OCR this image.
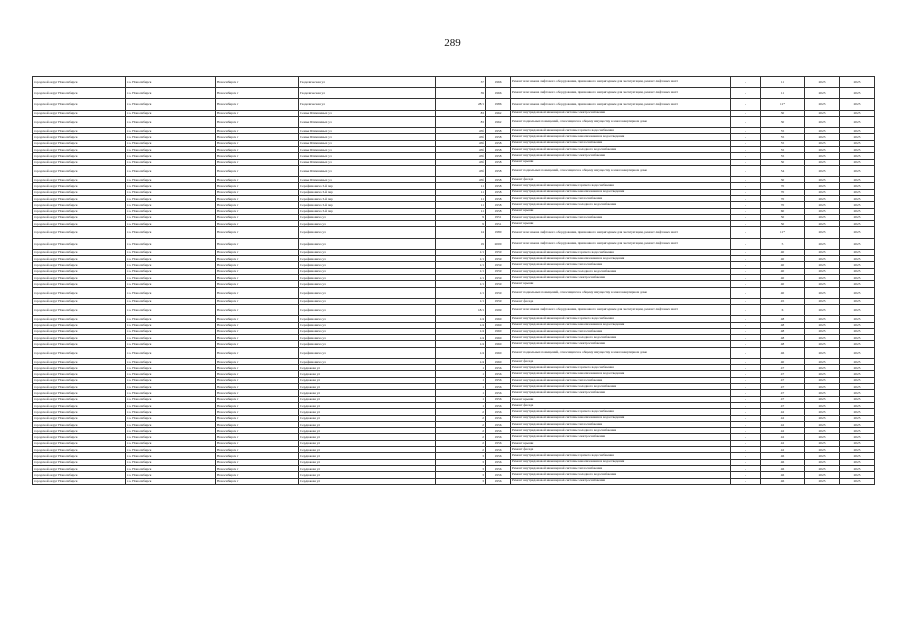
289
городской округ Новосибирск	г.о. Новосибирск	Новосибирск г	Геодезическая ул	37	1966	Ремонт или замена лифтового оборудования, признанного непригодным для эксплуатации, ремонт лифтовых шахт	-	11	2023	2025
городской округ Новосибирск	г.о. Новосибирск	Новосибирск г	Геодезическая ул	39	1966	Ремонт или замена лифтового оборудования, признанного непригодным для эксплуатации, ремонт лифтовых шахт	-	11	2023	2025
городской округ Новосибирск	г.о. Новосибирск	Новосибирск г	Геодезическая ул	28/1	1986	Ремонт или замена лифтового оборудования, признанного непригодным для эксплуатации, ремонт лифтовых шахт	-	11*	2023	2025
городской округ Новосибирск	г.о. Новосибирск	Новосибирск г	Семьи Шамшиных ул	83	1962	Ремонт внутридомовой инженерной системы электроснабжения	-	30	2023	2025
городской округ Новосибирск	г.о. Новосибирск	Новосибирск г	Семьи Шамшиных ул	83	1962	Ремонт подвальных помещений, относящихся к общему имуществу в многоквартирном доме	-	30	2023	2025
городской округ Новосибирск	г.о. Новосибирск	Новосибирск г	Семьи Шамшиных ул	45б	1958	Ремонт внутридомовой инженерной системы горячего водоснабжения	-	55	2023	2025
городской округ Новосибирск	г.о. Новосибирск	Новосибирск г	Семьи Шамшиных ул	45б	1958	Ремонт внутридомовой инженерной системы канализования и водоотведения	-	55	2023	2025
городской округ Новосибирск	г.о. Новосибирск	Новосибирск г	Семьи Шамшиных ул	45б	1958	Ремонт внутридомовой инженерной системы теплоснабжения	-	55	2023	2025
городской округ Новосибирск	г.о. Новосибирск	Новосибирск г	Семьи Шамшиных ул	45б	1958	Ремонт внутридомовой инженерной системы холодного водоснабжения	-	55	2023	2025
городской округ Новосибирск	г.о. Новосибирск	Новосибирск г	Семьи Шамшиных ул	45б	1958	Ремонт внутридомовой инженерной системы электроснабжения	-	55	2023	2025
городской округ Новосибирск	г.о. Новосибирск	Новосибирск г	Семьи Шамшиных ул	45б	1958	Ремонт крыши	-	50	2023	2025
городской округ Новосибирск	г.о. Новосибирск	Новосибирск г	Семьи Шамшиных ул	45б	1958	Ремонт подвальных помещений, относящихся к общему имуществу в многоквартирном доме	-	54	2023	2025
городской округ Новосибирск	г.о. Новосибирск	Новосибирск г	Семьи Шамшиных ул	45б	1958	Ремонт фасада	-	30	2023	2025
городской округ Новосибирск	г.о. Новосибирск	Новосибирск г	Серафимовича 3-й пер	11	1958	Ремонт внутридомовой инженерной системы горячего водоснабжения	-	70	2023	2025
городской округ Новосибирск	г.о. Новосибирск	Новосибирск г	Серафимовича 3-й пер	11	1958	Ремонт внутридомовой инженерной системы канализования и водоотведения	-	70	2023	2025
городской округ Новосибирск	г.о. Новосибирск	Новосибирск г	Серафимовича 3-й пер	11	1958	Ремонт внутридомовой инженерной системы теплоснабжения	-	70	2023	2025
городской округ Новосибирск	г.о. Новосибирск	Новосибирск г	Серафимовича 3-й пер	11	1958	Ремонт внутридомовой инженерной системы холодного водоснабжения	-	70	2023	2025
городской округ Новосибирск	г.о. Новосибирск	Новосибирск г	Серафимовича 3-й пер	11	1958	Ремонт крыши	-	60	2023	2025
городской округ Новосибирск	г.о. Новосибирск	Новосибирск г	Серафимовича ул	9	1951	Ремонт внутридомовой инженерной системы теплоснабжения	-	50	2023	2025
городской округ Новосибирск	г.о. Новосибирск	Новосибирск г	Серафимовича ул	9	1951	Ремонт крыши	-	50	2023	2025
городской округ Новосибирск	г.о. Новосибирск	Новосибирск г	Серафимовича ул	14	1980	Ремонт или замена лифтового оборудования, признанного непригодным для эксплуатации, ремонт лифтовых шахт	-	11*	2023	2025
городской округ Новосибирск	г.о. Новосибирск	Новосибирск г	Серафимовича ул	19	2000	Ремонт или замена лифтового оборудования, признанного непригодным для эксплуатации, ремонт лифтовых шахт	-	5	2023	2025
городской округ Новосибирск	г.о. Новосибирск	Новосибирск г	Серафимовича ул	1/1	1959	Ремонт внутридомовой инженерной системы горячего водоснабжения	-	40	2023	2025
городской округ Новосибирск	г.о. Новосибирск	Новосибирск г	Серафимовича ул	1/1	1959	Ремонт внутридомовой инженерной системы канализования и водоотведения	-	40	2023	2025
городской округ Новосибирск	г.о. Новосибирск	Новосибирск г	Серафимовича ул	1/1	1959	Ремонт внутридомовой инженерной системы теплоснабжения	-	40	2023	2025
городской округ Новосибирск	г.о. Новосибирск	Новосибирск г	Серафимовича ул	1/1	1959	Ремонт внутридомовой инженерной системы холодного водоснабжения	-	40	2023	2025
городской округ Новосибирск	г.о. Новосибирск	Новосибирск г	Серафимовича ул	1/1	1959	Ремонт внутридомовой инженерной системы электроснабжения	-	40	2023	2025
городской округ Новосибирск	г.о. Новосибирск	Новосибирск г	Серафимовича ул	1/1	1959	Ремонт крыши	-	40	2023	2025
городской округ Новосибирск	г.о. Новосибирск	Новосибирск г	Серафимовича ул	1/1	1959	Ремонт подвальных помещений, относящихся к общему имуществу в многоквартирном доме	-	40	2023	2025
городской округ Новосибирск	г.о. Новосибирск	Новосибирск г	Серафимовича ул	1/1	1959	Ремонт фасада	-	45	2023	2025
городской округ Новосибирск	г.о. Новосибирск	Новосибирск г	Серафимовича ул	18/1	1999	Ремонт или замена лифтового оборудования, признанного непригодным для эксплуатации, ремонт лифтовых шахт	-	6	2023	2025
городской округ Новосибирск	г.о. Новосибирск	Новосибирск г	Серафимовича ул	1/4	1960	Ремонт внутридомовой инженерной системы горячего водоснабжения	-	48	2023	2025
городской округ Новосибирск	г.о. Новосибирск	Новосибирск г	Серафимовича ул	1/4	1960	Ремонт внутридомовой инженерной системы канализования и водоотведения	-	48	2023	2025
городской округ Новосибирск	г.о. Новосибирск	Новосибирск г	Серафимовича ул	1/4	1960	Ремонт внутридомовой инженерной системы теплоснабжения	-	48	2023	2025
городской округ Новосибирск	г.о. Новосибирск	Новосибирск г	Серафимовича ул	1/4	1960	Ремонт внутридомовой инженерной системы холодного водоснабжения	-	48	2023	2025
городской округ Новосибирск	г.о. Новосибирск	Новосибирск г	Серафимовича ул	1/4	1960	Ремонт внутридомовой инженерной системы электроснабжения	-	48	2023	2025
городской округ Новосибирск	г.о. Новосибирск	Новосибирск г	Серафимовича ул	1/4	1960	Ремонт подвальных помещений, относящихся к общему имуществу в многоквартирном доме	-	46	2023	2025
городской округ Новосибирск	г.о. Новосибирск	Новосибирск г	Серафимовича ул	1/4	1960	Ремонт фасада	-	40	2023	2025
городской округ Новосибирск	г.о. Новосибирск	Новосибирск г	Сердюкова ул	1	1956	Ремонт внутридомовой инженерной системы горячего водоснабжения	-	47	2023	2025
городской округ Новосибирск	г.о. Новосибирск	Новосибирск г	Сердюкова ул	1	1956	Ремонт внутридомовой инженерной системы канализования и водоотведения	-	47	2023	2025
городской округ Новосибирск	г.о. Новосибирск	Новосибирск г	Сердюкова ул	1	1956	Ремонт внутридомовой инженерной системы теплоснабжения	-	47	2023	2025
городской округ Новосибирск	г.о. Новосибирск	Новосибирск г	Сердюкова ул	1	1956	Ремонт внутридомовой инженерной системы холодного водоснабжения	-	47	2023	2025
городской округ Новосибирск	г.о. Новосибирск	Новосибирск г	Сердюкова ул	1	1956	Ремонт внутридомовой инженерной системы электроснабжения	-	47	2023	2025
городской округ Новосибирск	г.о. Новосибирск	Новосибирск г	Сердюкова ул	1	1956	Ремонт крыши	-	47	2023	2025
городской округ Новосибирск	г.о. Новосибирск	Новосибирск г	Сердюкова ул	1	1956	Ремонт фасада	-	47	2023	2025
городской округ Новосибирск	г.о. Новосибирск	Новосибирск г	Сердюкова ул	2	1956	Ремонт внутридомовой инженерной системы горячего водоснабжения	-	42	2023	2025
городской округ Новосибирск	г.о. Новосибирск	Новосибирск г	Сердюкова ул	2	1956	Ремонт внутридомовой инженерной системы канализования и водоотведения	-	42	2023	2025
городской округ Новосибирск	г.о. Новосибирск	Новосибирск г	Сердюкова ул	2	1956	Ремонт внутридомовой инженерной системы теплоснабжения	-	42	2023	2025
городской округ Новосибирск	г.о. Новосибирск	Новосибирск г	Сердюкова ул	2	1956	Ремонт внутридомовой инженерной системы холодного водоснабжения	-	42	2023	2025
городской округ Новосибирск	г.о. Новосибирск	Новосибирск г	Сердюкова ул	2	1956	Ремонт внутридомовой инженерной системы электроснабжения	-	42	2023	2025
городской округ Новосибирск	г.о. Новосибирск	Новосибирск г	Сердюкова ул	2	1956	Ремонт крыши	-	42	2023	2025
городской округ Новосибирск	г.о. Новосибирск	Новосибирск г	Сердюкова ул	2	1956	Ремонт фасада	-	42	2023	2025
городской округ Новосибирск	г.о. Новосибирск	Новосибирск г	Сердюкова ул	3	1956	Ремонт внутридомовой инженерной системы горячего водоснабжения	-	46	2023	2025
городской округ Новосибирск	г.о. Новосибирск	Новосибирск г	Сердюкова ул	3	1956	Ремонт внутридомовой инженерной системы канализования и водоотведения	-	46	2023	2025
городской округ Новосибирск	г.о. Новосибирск	Новосибирск г	Сердюкова ул	3	1956	Ремонт внутридомовой инженерной системы теплоснабжения	-	46	2023	2025
городской округ Новосибирск	г.о. Новосибирск	Новосибирск г	Сердюкова ул	3	1956	Ремонт внутридомовой инженерной системы холодного водоснабжения	-	46	2023	2025
городской округ Новосибирск	г.о. Новосибирск	Новосибирск г	Сердюкова ул	3	1956	Ремонт внутридомовой инженерной системы электроснабжения	-	46	2023	2025
